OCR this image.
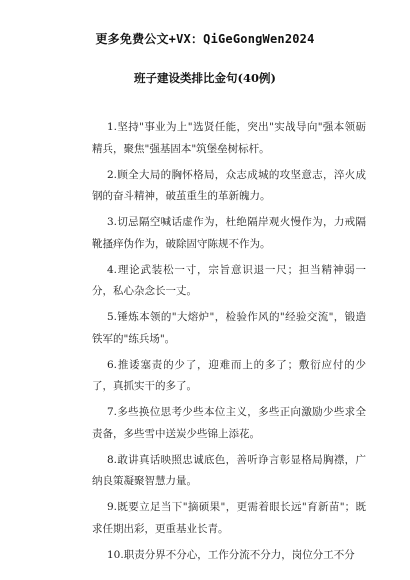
更多免费公文+VX：QiGeGongWen2024
班子建设类排比金句(40例)

1.坚持"事业为上"选贤任能，突出"实战导向"强本领砺精兵，聚焦"强基固本"筑堡垒树标杆。

2.顾全大局的胸怀格局，众志成城的攻坚意志，淬火成钢的奋斗精神，破茧重生的革新魄力。

3.切忌隔空喊话虚作为，杜绝隔岸观火慢作为，力戒隔靴搔痒伪作为，破除固守陈规不作为。

4.理论武装松一寸，宗旨意识退一尺；担当精神弱一分，私心杂念长一丈。

5.锤炼本领的"大熔炉"，检验作风的"经验交流"，锻造铁军的"练兵场"。

6.推诿塞责的少了，迎难而上的多了；敷衍应付的少了，真抓实干的多了。

7.多些换位思考少些本位主义，多些正向激励少些求全责备，多些雪中送炭少些锦上添花。

8.敢讲真话映照忠诚底色，善听诤言彰显格局胸襟，广纳良策凝聚智慧力量。

9.既要立足当下"摘硕果"，更需着眼长远"育新苗"；既求任期出彩，更重基业长青。

10.职责分界不分心，工作分流不分力，岗位分工不分
